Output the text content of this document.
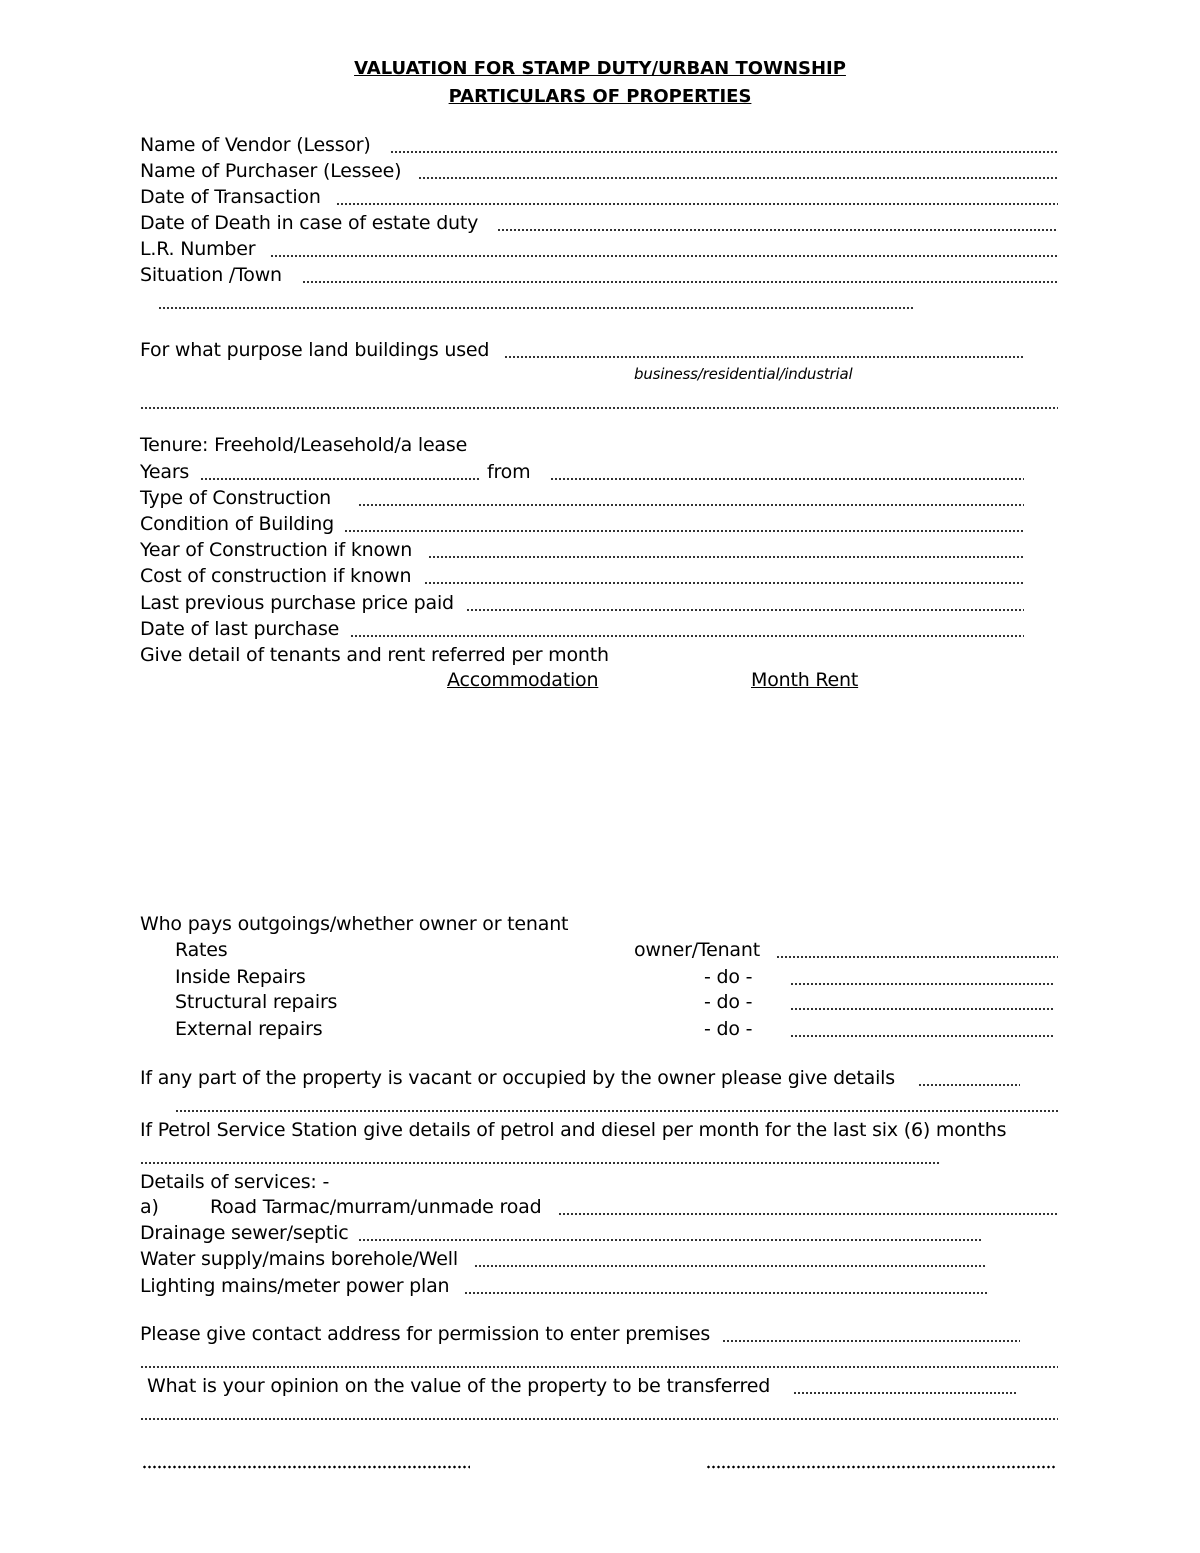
VALUATION FOR STAMP DUTY/URBAN TOWNSHIP
PARTICULARS OF PROPERTIES
Name of Vendor (Lessor)
Name of Purchaser (Lessee)
Date of Transaction
Date of Death in case of estate duty
L.R. Number
Situation /Town
For what purpose land buildings used
business/residential/industrial
Tenure: Freehold/Leasehold/a lease
Years	from
Type of Construction
Condition of Building
Year of Construction if known
Cost of construction if known
Last previous purchase price paid
Date of last purchase
Give detail of tenants and rent referred per month
Accommodation	Month Rent
Who pays outgoings/whether owner or tenant
Rates	owner/Tenant
Inside Repairs	- do -
Structural repairs	- do -
External repairs	- do -
If any part of the property is vacant or occupied by the owner please give details
If Petrol Service Station give details of petrol and diesel per month for the last six (6) months
Details of services: -
a)	Road Tarmac/murram/unmade road
Drainage sewer/septic
Water supply/mains borehole/Well
Lighting mains/meter power plan
Please give contact address for permission to enter premises
What is your opinion on the value of the property to be transferred
